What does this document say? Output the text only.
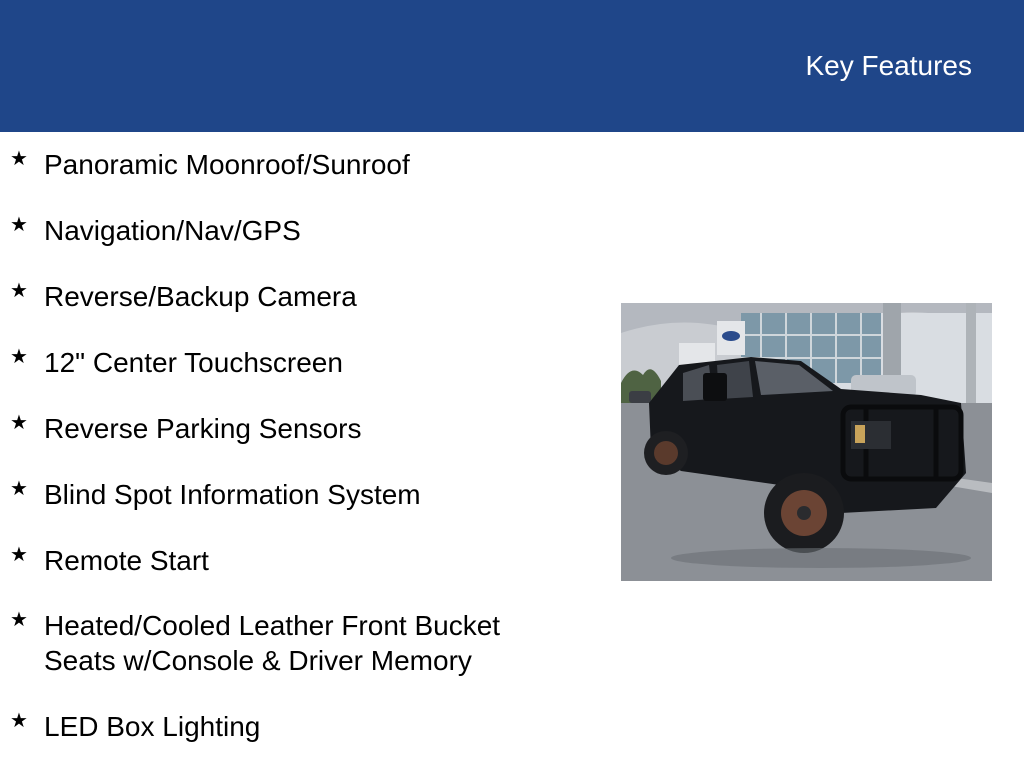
Key Features
★ Panoramic Moonroof/Sunroof
★ Navigation/Nav/GPS
★ Reverse/Backup Camera
★ 12" Center Touchscreen
★ Reverse Parking Sensors
★ Blind Spot Information System
★ Remote Start
★ Heated/Cooled Leather Front Bucket
Seats w/Console & Driver Memory
★ LED Box Lighting
